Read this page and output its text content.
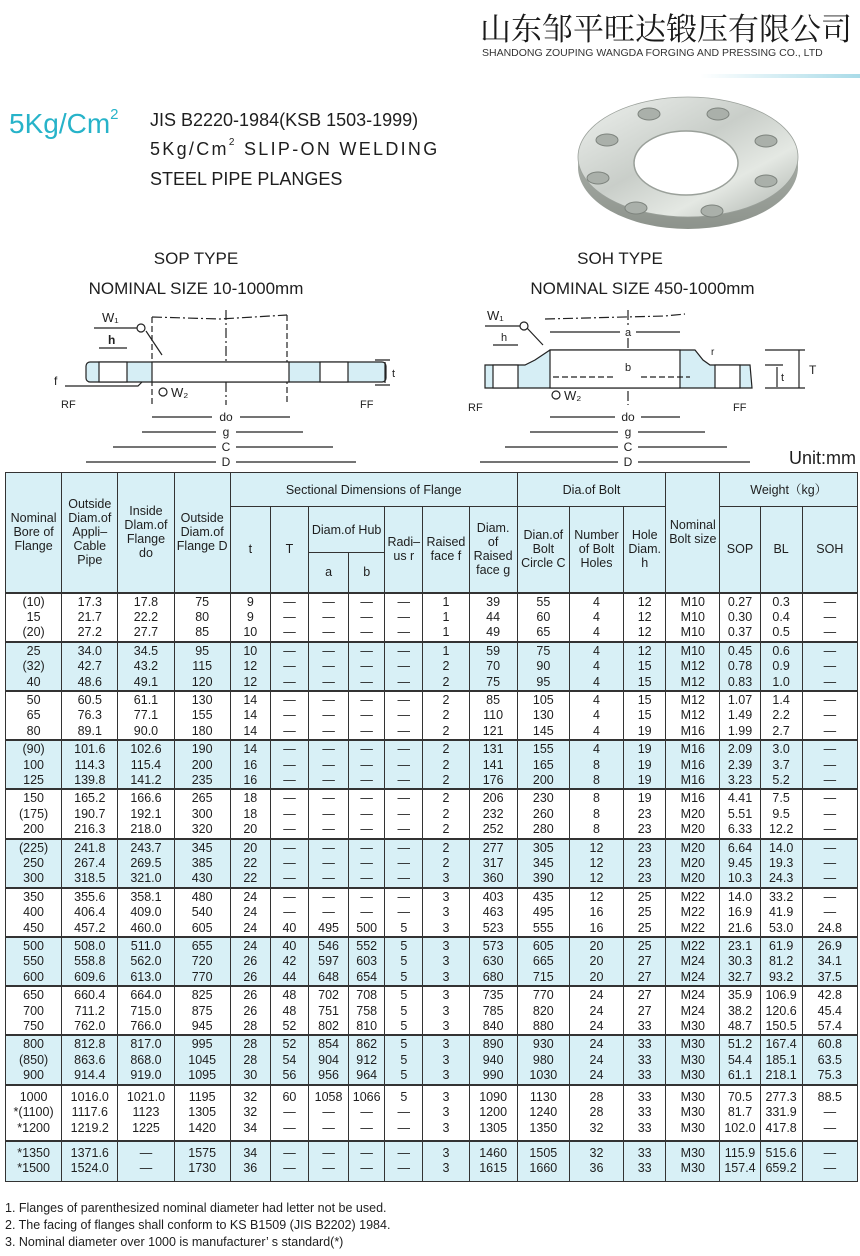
山东邹平旺达锻压有限公司
SHANDONG ZOUPING WANGDA FORGING AND PRESSING CO., LTD
5Kg/Cm$^2$ JIS B2220-1984(KSB 1503-1999)
5Kg/Cm$^2$ SLIP-ON WELDING
STEEL PIPE PLANGES
SOP TYPE
NOMINAL SIZE 10-1000mm
SOH TYPE
NOMINAL SIZE 450-1000mm
W₁
h
f
RF
W₂
t
FF
do
g
C
D
W₁
h	a
b
r
RF	FF
W₂
do
g
C
D
T
t
Unit:mm
Nominal Bore of Flange	Outside Diam.of Appli– Cable Pipe	Inside Dlam.of Flange do	Outside Diam.of Flange D	Sectional Dimensions of Flange							Dia.of Bolt			Nominal Bolt size	Weight（kg）		
				t	T	Diam.of Hub		Radi– us r	Raised face f	Diam. of Raised face g	Dian.of Bolt Circle C	Number of Bolt Holes	Hole Diam. h		SOP	BL	SOH
						a	b										
(10)	17.3	17.8	75	9	—	—	—	—	1	39	55	4	12	M10	0.27	0.3	—
15	21.7	22.2	80	9	—	—	—	—	1	44	60	4	12	M10	0.30	0.4	—
(20)	27.2	27.7	85	10	—	—	—	—	1	49	65	4	12	M10	0.37	0.5	—
25	34.0	34.5	95	10	—	—	—	—	1	59	75	4	12	M10	0.45	0.6	—
(32)	42.7	43.2	115	12	—	—	—	—	2	70	90	4	15	M12	0.78	0.9	—
40	48.6	49.1	120	12	—	—	—	—	2	75	95	4	15	M12	0.83	1.0	—
50	60.5	61.1	130	14	—	—	—	—	2	85	105	4	15	M12	1.07	1.4	—
65	76.3	77.1	155	14	—	—	—	—	2	110	130	4	15	M12	1.49	2.2	—
80	89.1	90.0	180	14	—	—	—	—	2	121	145	4	19	M16	1.99	2.7	—
(90)	101.6	102.6	190	14	—	—	—	—	2	131	155	4	19	M16	2.09	3.0	—
100	114.3	115.4	200	16	—	—	—	—	2	141	165	8	19	M16	2.39	3.7	—
125	139.8	141.2	235	16	—	—	—	—	2	176	200	8	19	M16	3.23	5.2	—
150	165.2	166.6	265	18	—	—	—	—	2	206	230	8	19	M16	4.41	7.5	—
(175)	190.7	192.1	300	18	—	—	—	—	2	232	260	8	23	M20	5.51	9.5	—
200	216.3	218.0	320	20	—	—	—	—	2	252	280	8	23	M20	6.33	12.2	—
(225)	241.8	243.7	345	20	—	—	—	—	2	277	305	12	23	M20	6.64	14.0	—
250	267.4	269.5	385	22	—	—	—	—	2	317	345	12	23	M20	9.45	19.3	—
300	318.5	321.0	430	22	—	—	—	—	3	360	390	12	23	M20	10.3	24.3	—
350	355.6	358.1	480	24	—	—	—	—	3	403	435	12	25	M22	14.0	33.2	—
400	406.4	409.0	540	24	—	—	—	—	3	463	495	16	25	M22	16.9	41.9	—
450	457.2	460.0	605	24	40	495	500	5	3	523	555	16	25	M22	21.6	53.0	24.8
500	508.0	511.0	655	24	40	546	552	5	3	573	605	20	25	M22	23.1	61.9	26.9
550	558.8	562.0	720	26	42	597	603	5	3	630	665	20	27	M24	30.3	81.2	34.1
600	609.6	613.0	770	26	44	648	654	5	3	680	715	20	27	M24	32.7	93.2	37.5
650	660.4	664.0	825	26	48	702	708	5	3	735	770	24	27	M24	35.9	106.9	42.8
700	711.2	715.0	875	26	48	751	758	5	3	785	820	24	27	M24	38.2	120.6	45.4
750	762.0	766.0	945	28	52	802	810	5	3	840	880	24	33	M30	48.7	150.5	57.4
800	812.8	817.0	995	28	52	854	862	5	3	890	930	24	33	M30	51.2	167.4	60.8
(850)	863.6	868.0	1045	28	54	904	912	5	3	940	980	24	33	M30	54.4	185.1	63.5
900	914.4	919.0	1095	30	56	956	964	5	3	990	1030	24	33	M30	61.1	218.1	75.3
1000	1016.0	1021.0	1195	32	60	1058	1066	5	3	1090	1130	28	33	M30	70.5	277.3	88.5
*(1100)	1117.6	1123	1305	32	—	—	—	—	3	1200	1240	28	33	M30	81.7	331.9	—
*1200	1219.2	1225	1420	34	—	—	—	—	3	1305	1350	32	33	M30	102.0	417.8	—
*1350	1371.6	—	1575	34	—	—	—	—	3	1460	1505	32	33	M30	115.9	515.6	—
*1500	1524.0	—	1730	36	—	—	—	—	3	1615	1660	36	33	M30	157.4	659.2	—
1. Flanges of parenthesized nominal diameter had letter not be used.
2. The facing of flanges shall conform to KS B1509 (JIS B2202) 1984.
3. Nominal diameter over 1000 is manufacturer’ s standard(*)
